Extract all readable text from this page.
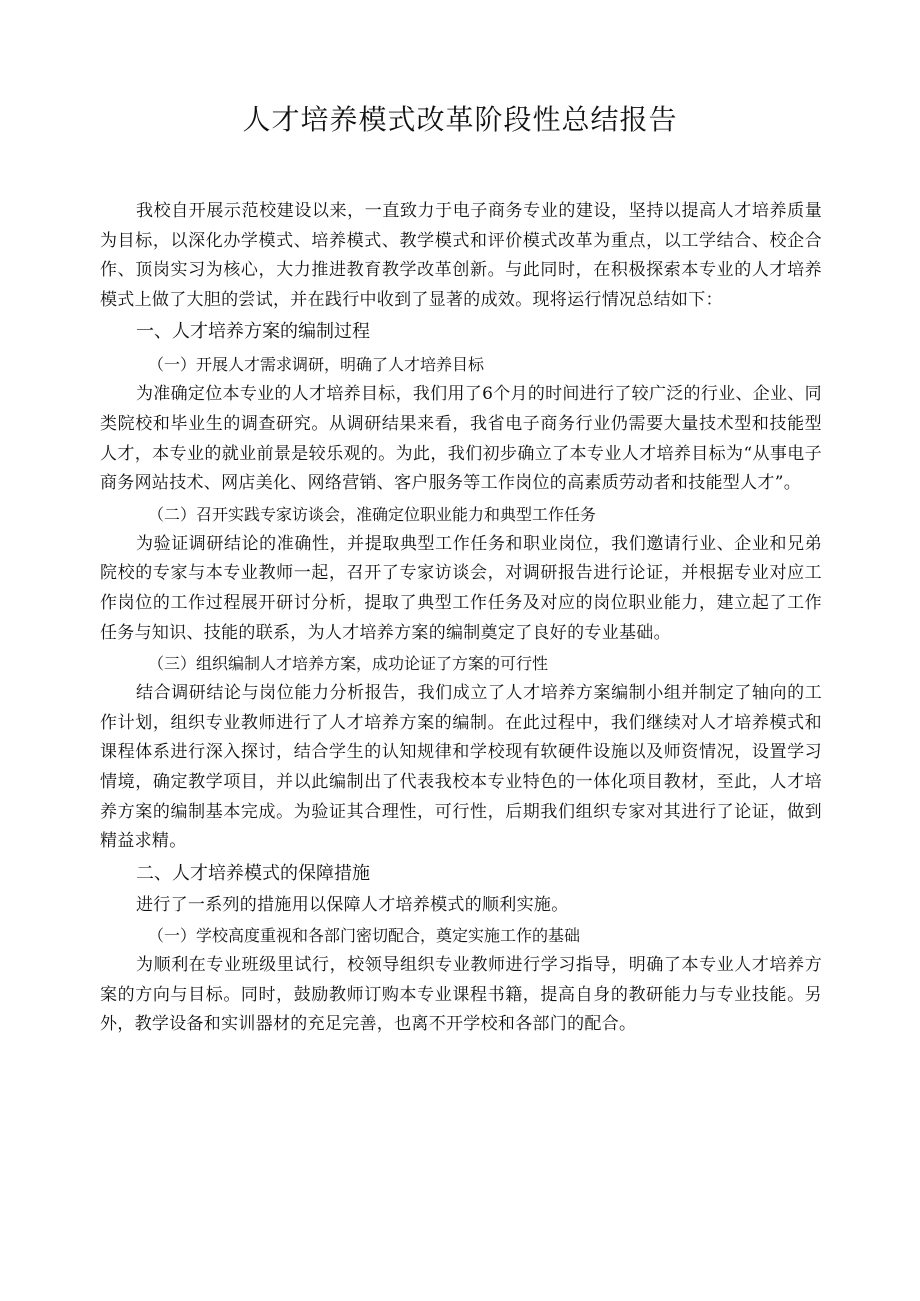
人才培养模式改革阶段性总结报告

我校自开展示范校建设以来，一直致力于电子商务专业的建设，坚持以提高人才培养质量为目标，以深化办学模式、培养模式、教学模式和评价模式改革为重点，以工学结合、校企合作、顶岗实习为核心，大力推进教育教学改革创新。与此同时，在积极探索本专业的人才培养模式上做了大胆的尝试，并在践行中收到了显著的成效。现将运行情况总结如下：

一、人才培养方案的编制过程

（一）开展人才需求调研，明确了人才培养目标

为准确定位本专业的人才培养目标，我们用了6个月的时间进行了较广泛的行业、企业、同类院校和毕业生的调查研究。从调研结果来看，我省电子商务行业仍需要大量技术型和技能型人才，本专业的就业前景是较乐观的。为此，我们初步确立了本专业人才培养目标为“从事电子商务网站技术、网店美化、网络营销、客户服务等工作岗位的高素质劳动者和技能型人才”。

（二）召开实践专家访谈会，准确定位职业能力和典型工作任务

为验证调研结论的准确性，并提取典型工作任务和职业岗位，我们邀请行业、企业和兄弟院校的专家与本专业教师一起，召开了专家访谈会，对调研报告进行论证，并根据专业对应工作岗位的工作过程展开研讨分析，提取了典型工作任务及对应的岗位职业能力，建立起了工作任务与知识、技能的联系，为人才培养方案的编制奠定了良好的专业基础。

（三）组织编制人才培养方案，成功论证了方案的可行性

结合调研结论与岗位能力分析报告，我们成立了人才培养方案编制小组并制定了轴向的工作计划，组织专业教师进行了人才培养方案的编制。在此过程中，我们继续对人才培养模式和课程体系进行深入探讨，结合学生的认知规律和学校现有软硬件设施以及师资情况，设置学习情境，确定教学项目，并以此编制出了代表我校本专业特色的一体化项目教材，至此，人才培养方案的编制基本完成。为验证其合理性，可行性，后期我们组织专家对其进行了论证，做到精益求精。

二、人才培养模式的保障措施

进行了一系列的措施用以保障人才培养模式的顺利实施。

（一）学校高度重视和各部门密切配合，奠定实施工作的基础

为顺利在专业班级里试行，校领导组织专业教师进行学习指导，明确了本专业人才培养方案的方向与目标。同时，鼓励教师订购本专业课程书籍，提高自身的教研能力与专业技能。另外，教学设备和实训器材的充足完善，也离不开学校和各部门的配合。
